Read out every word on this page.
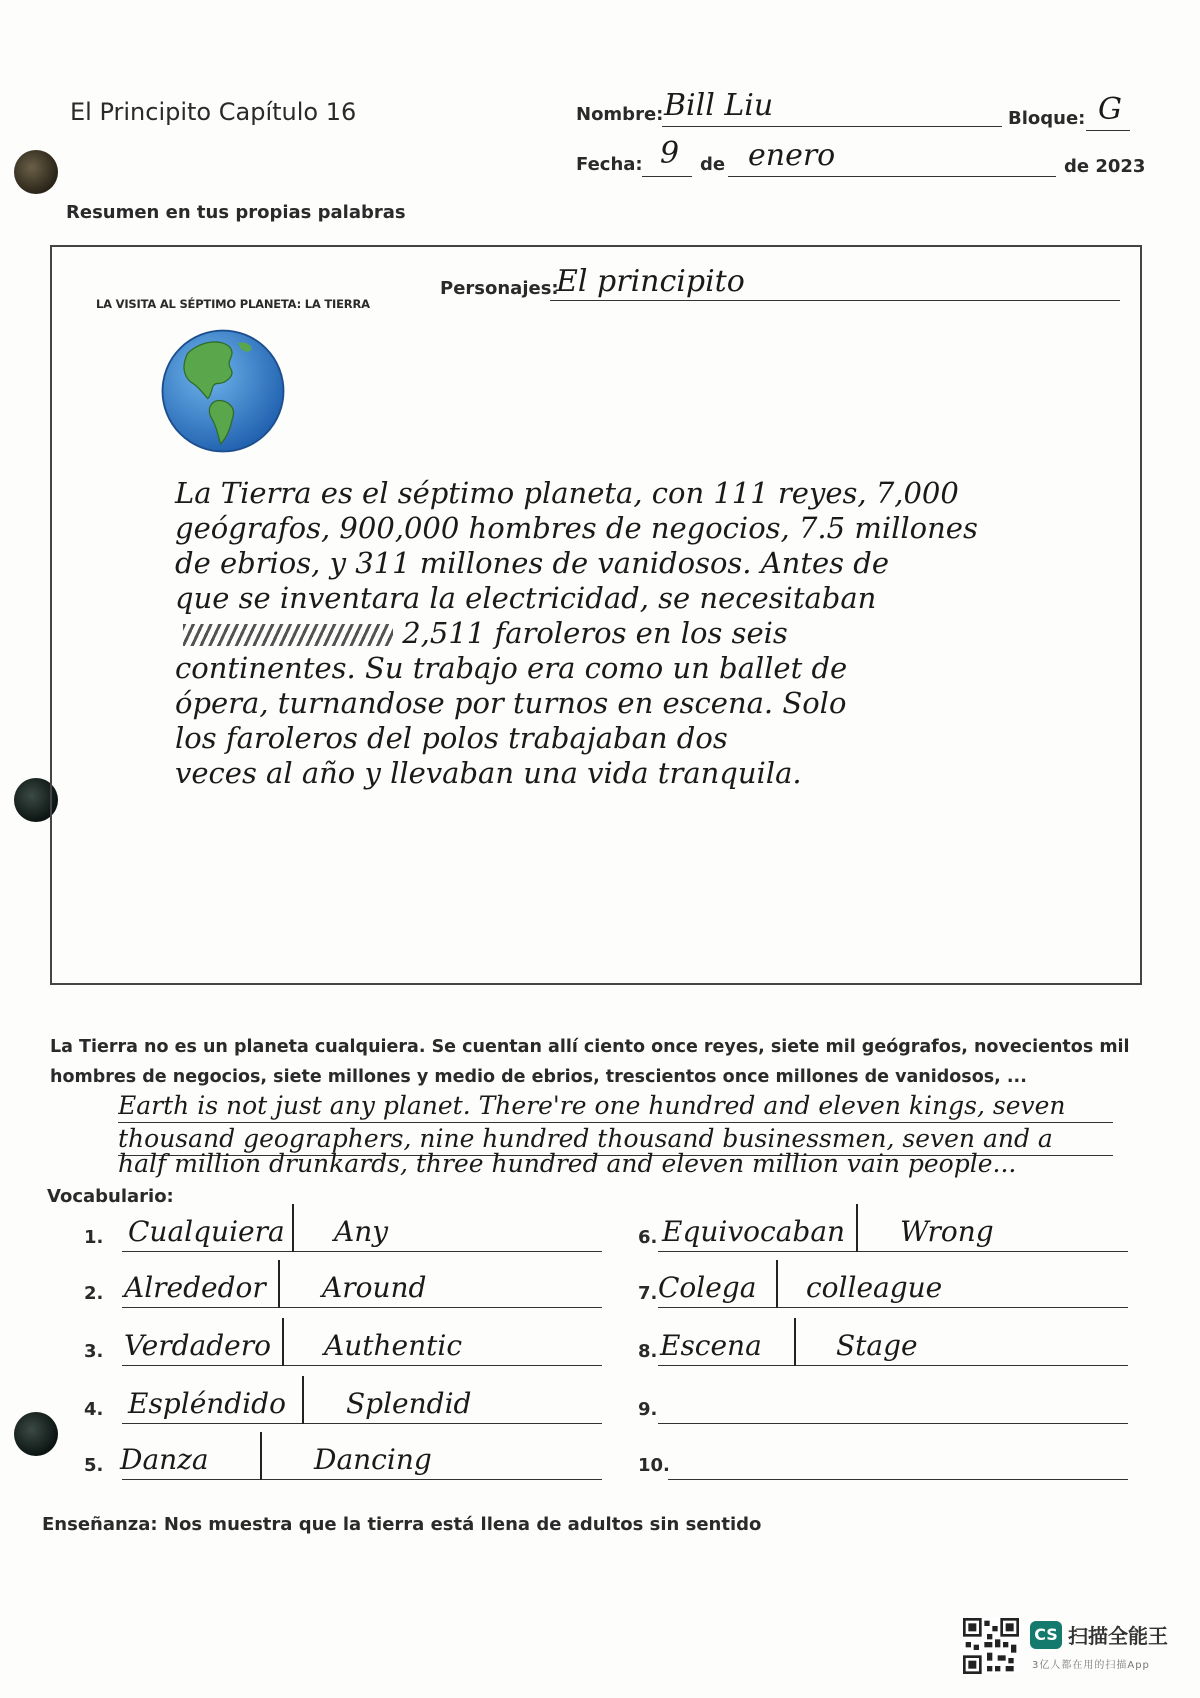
El Principito Capítulo 16	Nombre: Bill Liu	Bloque: G
Fecha: 9 de enero	de 2023
Resumen en tus propias palabras
LA VISITA AL SÉPTIMO PLANETA: LA TIERRA
Personajes:
El principito
La Tierra es el séptimo planeta, con 111 reyes, 7,000
geógrafos, 900,000 hombres de negocios, 7.5 millones
de ebrios, y 311 millones de vanidosos. Antes de
que se inventara la electricidad, se necesitaban
2,511 faroleros en los seis
continentes. Su trabajo era como un ballet de
ópera, turnandose por turnos en escena. Solo
los faroleros del polos trabajaban dos
veces al año y llevaban una vida tranquila.
La Tierra no es un planeta cualquiera. Se cuentan allí ciento once reyes, siete mil geógrafos, novecientos mil hombres de negocios, siete millones y medio de ebrios, trescientos once millones de vanidosos, ...
Earth is not just any planet. There're one hundred and eleven kings, seven
thousand geographers, nine hundred thousand businessmen, seven and a
half million drunkards, three hundred and eleven million vain people...
Vocabulario:
1. Cualquiera Any
2. Alrededor Around
3. Verdadero Authentic
4. Espléndido Splendid
5. Danza	Dancing
6. Equivocaban Wrong
7. Colega colleague
8. Escena	Stage
9.
10.
Enseñanza: Nos muestra que la tierra está llena de adultos sin sentido
CS 扫描全能王
3亿人都在用的扫描App
